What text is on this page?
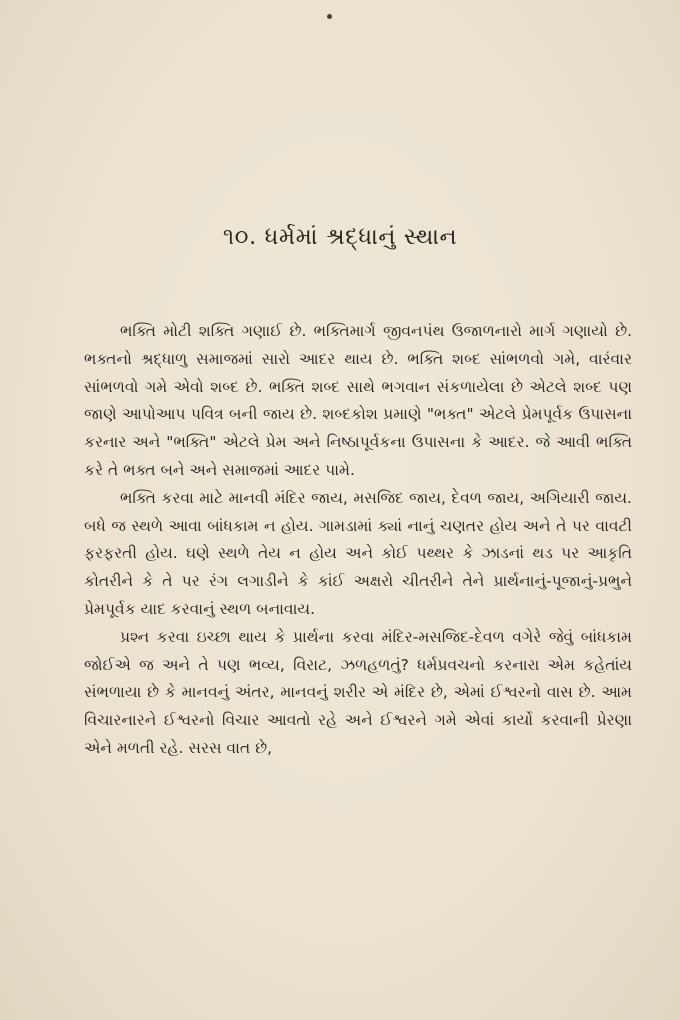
૧૦. ધર્મમાં શ્રદ્ધાનું સ્થાન

ભક્તિ મોટી શક્તિ ગણાઈ છે. ભક્તિમાર્ગ જીવનપંથ ઉજાળનારો માર્ગ ગણાયો છે. ભક્તનો શ્રદ્ધાળુ સમાજમાં સારો આદર થાય છે. ભક્તિ શબ્દ સાંભળવો ગમે, વારંવાર સાંભળવો ગમે એવો શબ્દ છે. ભક્તિ શબ્દ સાથે ભગવાન સંકળાયેલા છે એટલે શબ્દ પણ જાણે આપોઆપ પવિત્ર બની જાય છે. શબ્દકોશ પ્રમાણે "ભક્ત" એટલે પ્રેમપૂર્વક ઉપાસના કરનાર અને "ભક્તિ" એટલે પ્રેમ અને નિષ્ઠાપૂર્વકના ઉપાસના કે આદર. જે આવી ભક્તિ કરે તે ભક્ત બને અને સમાજમાં આદર પામે.

ભક્તિ કરવા માટે માનવી મંદિર જાય, મસજિદ જાય, દેવળ જાય, અગિયારી જાય. બધે જ સ્થળે આવા બાંધકામ ન હોય. ગામડામાં ક્યાં નાનું ચણતર હોય અને તે પર વાવટી ફરફરતી હોય. ઘણે સ્થળે તેય ન હોય અને કોઈ પથ્થર કે ઝાડનાં થડ પર આકૃતિ કોતરીને કે તે પર રંગ લગાડીને કે કાંઈ અક્ષરો ચીતરીને તેને પ્રાર્થનાનું-પૂજાનું-પ્રભુને પ્રેમપૂર્વક યાદ કરવાનું સ્થળ બનાવાય.

પ્રશ્ન કરવા ઇચ્છા થાય કે પ્રાર્થના કરવા મંદિર-મસજિદ-દેવળ વગેરે જેવું બાંધકામ જોઈએ જ અને તે પણ ભવ્ય, વિરાટ, ઝળહળતું? ધર્મપ્રવચનો કરનારા એમ કહેતાંય સંભળાયા છે કે માનવનું અંતર, માનવનું શરીર એ મંદિર છે, એમાં ઈશ્વરનો વાસ છે. આમ વિચારનારને ઈશ્વરનો વિચાર આવતો રહે અને ઈશ્વરને ગમે એવાં કાર્યો કરવાની પ્રેરણા એને મળતી રહે. સરસ વાત છે,
